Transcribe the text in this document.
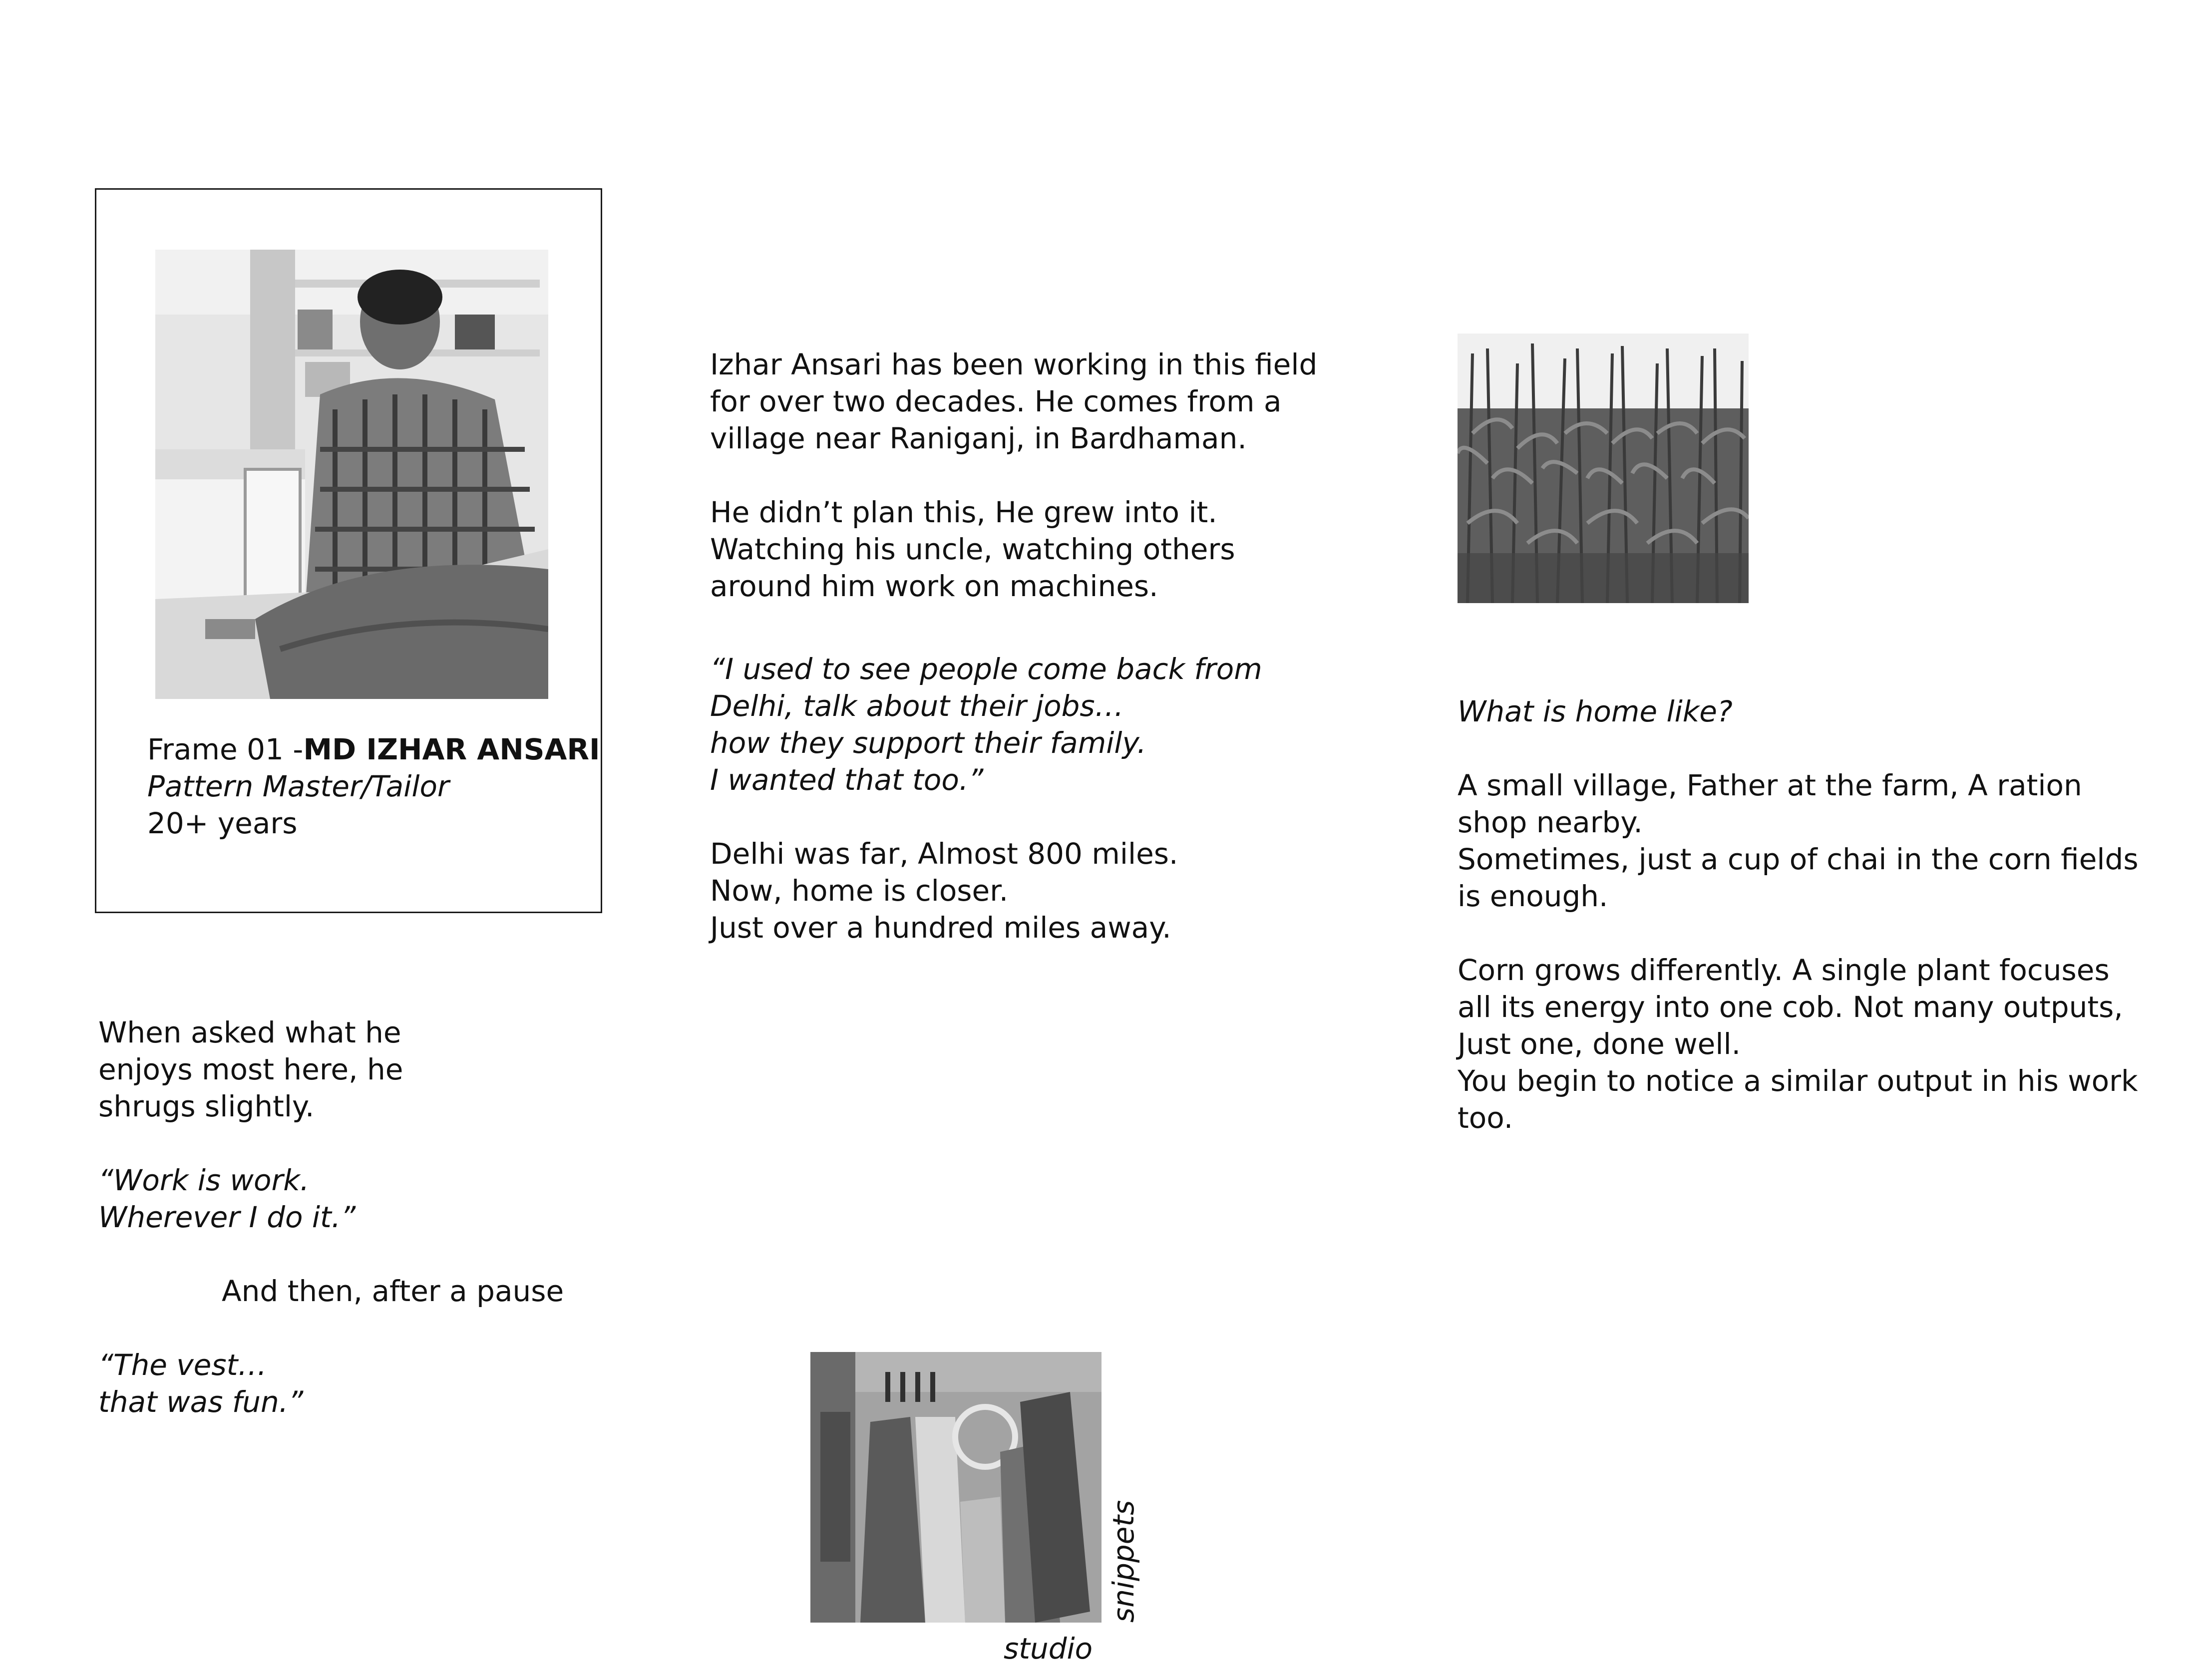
Frame 01 -MD IZHAR ANSARI
Pattern Master/Tailor
20+ years
Izhar Ansari has been working in this field
for over two decades. He comes from a
village near Raniganj, in Bardhaman.
He didn’t plan this, He grew into it.
Watching his uncle, watching others
around him work on machines.
“I used to see people come back from
Delhi, talk about their jobs…
how they support their family.
I wanted that too.”
Delhi was far, Almost 800 miles.
Now, home is closer.
Just over a hundred miles away.
What is home like?
A small village, Father at the farm, A ration
shop nearby.
Sometimes, just a cup of chai in the corn fields
is enough.
Corn grows differently. A single plant focuses
all its energy into one cob. Not many outputs,
Just one, done well.
You begin to notice a similar output in his work
too.
When asked what he
enjoys most here, he
shrugs slightly.
“Work is work.
Wherever I do it.”
And then, after a pause
“The vest…
that was fun.”
snippets
studio
